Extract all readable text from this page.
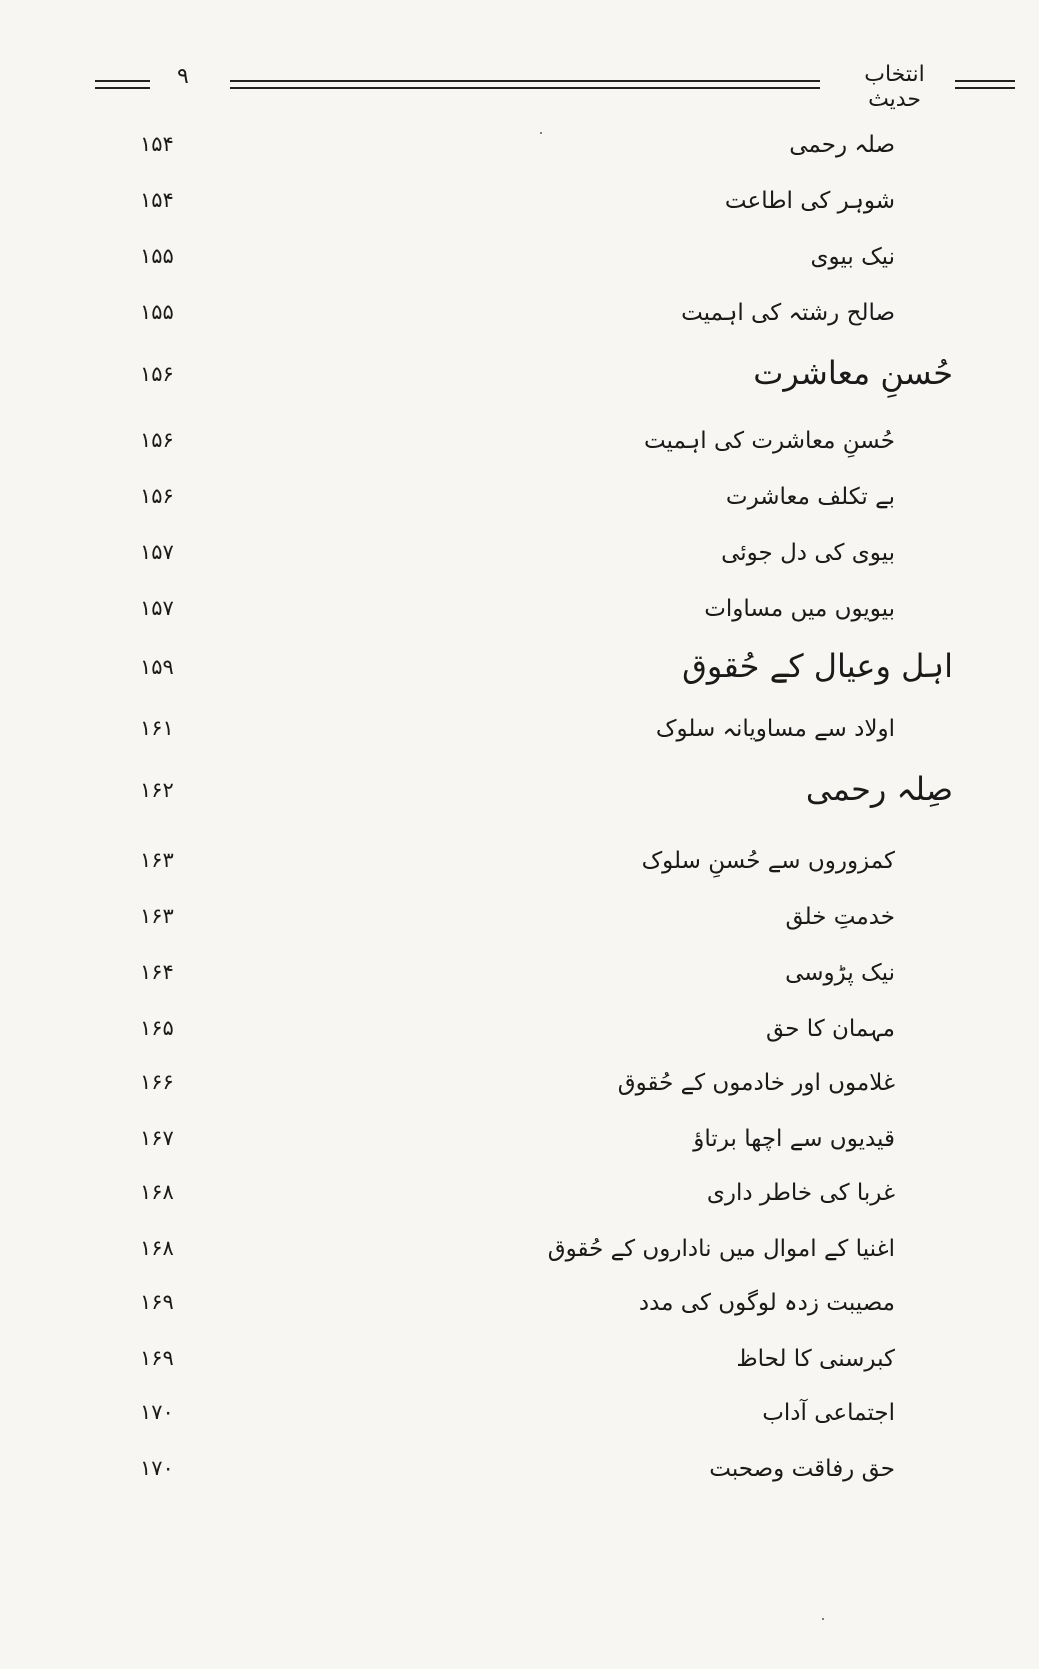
۹	انتخاب حدیث
صلہ رحمی
۱۵۴
شوہر کی اطاعت
۱۵۴
نیک بیوی
۱۵۵
صالح رشتہ کی اہمیت
۱۵۵
حُسنِ معاشرت
۱۵۶
حُسنِ معاشرت کی اہمیت
۱۵۶
بے تکلف معاشرت
۱۵۶
بیوی کی دل جوئی
۱۵۷
بیویوں میں مساوات
۱۵۷
اہل وعیال کے حُقوق
۱۵۹
اولاد سے مساویانہ سلوک
۱۶۱
صِلہ رحمی
۱۶۲
کمزوروں سے حُسنِ سلوک
۱۶۳
خدمتِ خلق
۱۶۳
نیک پڑوسی
۱۶۴
مہمان کا حق
۱۶۵
غلاموں اور خادموں کے حُقوق
۱۶۶
قیدیوں سے اچھا برتاؤ
۱۶۷
غربا کی خاطر داری
۱۶۸
اغنیا کے اموال میں ناداروں کے حُقوق
۱۶۸
مصیبت زدہ لوگوں کی مدد
۱۶۹
کبرسنی کا لحاظ
۱۶۹
اجتماعی آداب
۱۷۰
حق رفاقت وصحبت
۱۷۰
